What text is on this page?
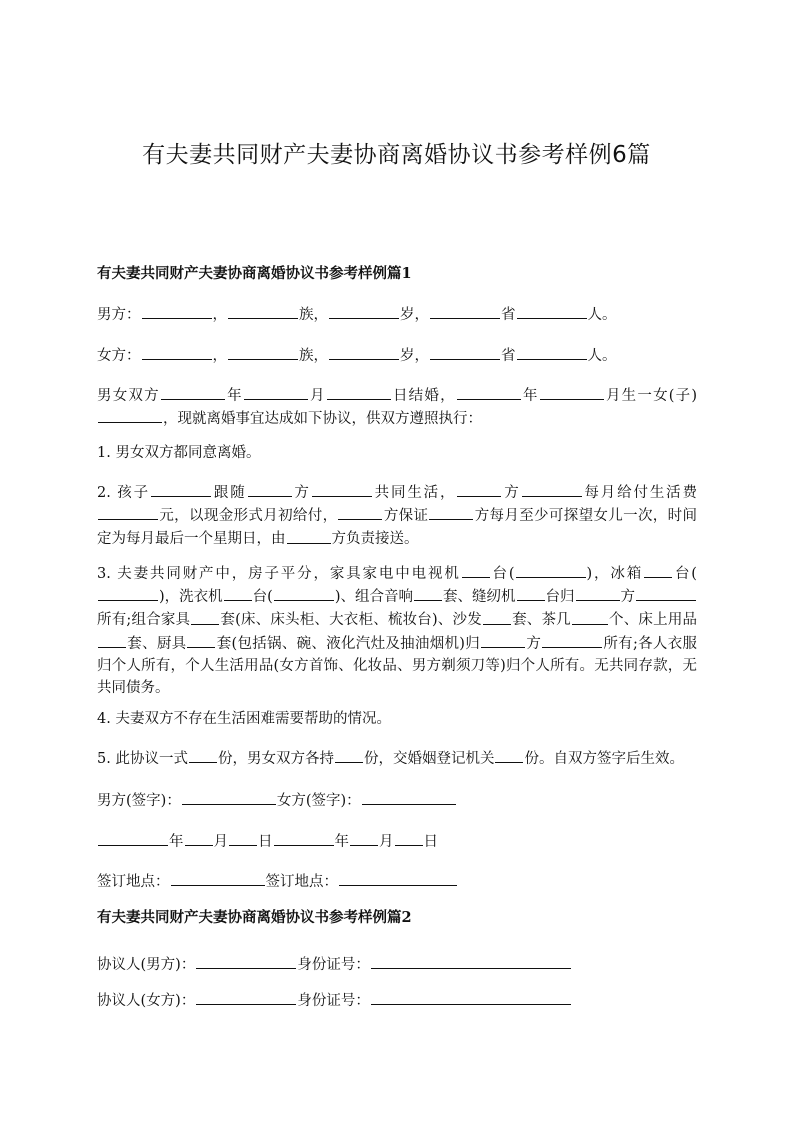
有夫妻共同财产夫妻协商离婚协议书参考样例6篇
有夫妻共同财产夫妻协商离婚协议书参考样例篇1
男方：	，	族，	岁，	省	人。
女方：	，	族，	岁，	省	人。
男女双方	年	月	日结婚，	年	月生一女(子)，现就离婚事宜达成如下协议，供双方遵照执行：
1. 男女双方都同意离婚。
2. 孩子	跟随	方	共同生活，	方	每月给付生活费元，以现金形式月初给付，	方保证	方每月至少可探望女儿一次，时间定为每月最后一个星期日，由	方负责接送。
3. 夫妻共同财产中，房子平分，家具家电中电视机 台(	)，冰箱 台()，洗衣机 台(	)、组合音响 套、缝纫机 台归	方所有;组合家具 套(床、床头柜、大衣柜、梳妆台)、沙发 套、茶几	个、床上用品套、厨具 套(包括锅、碗、液化汽灶及抽油烟机)归	方	所有;各人衣服归个人所有，个人生活用品(女方首饰、化妆品、男方剃须刀等)归个人所有。无共同存款，无共同债务。
4. 夫妻双方不存在生活困难需要帮助的情况。
5. 此协议一式 份，男女双方各持 份，交婚姻登记机关 份。自双方签字后生效。
男方(签字)：	女方(签字)：
年 月 日	年 月 日
签订地点：	签订地点：
有夫妻共同财产夫妻协商离婚协议书参考样例篇2
协议人(男方)：	身份证号：
协议人(女方)：	身份证号：
